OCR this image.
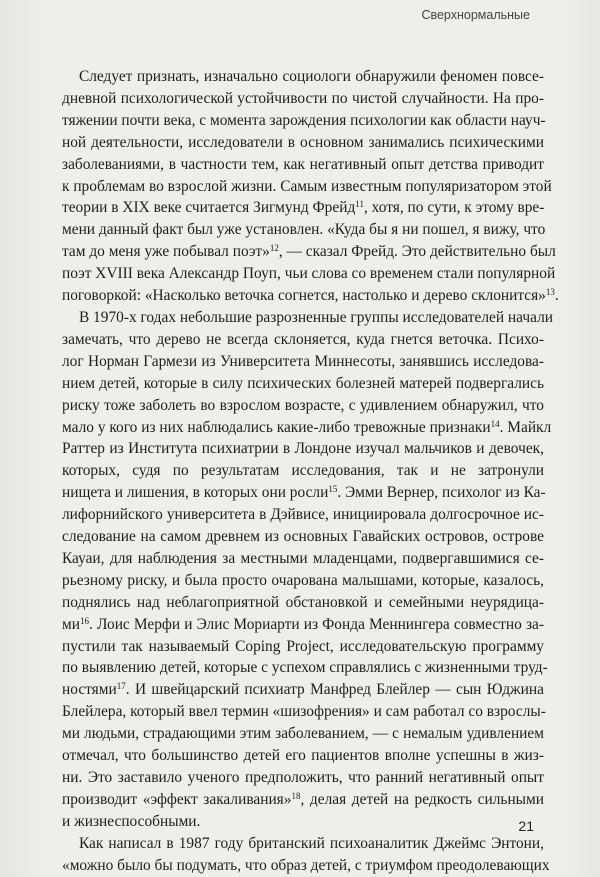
Сверхнормальные

Следует признать, изначально социологи обнаружили феномен повсе-
дневной психологической устойчивости по чистой случайности. На про-
тяжении почти века, с момента зарождения психологии как области науч-
ной деятельности, исследователи в основном занимались психическими
заболеваниями, в частности тем, как негативный опыт детства приводит
к проблемам во взрослой жизни. Самым известным популяризатором этой
теории в XIX веке считается Зигмунд Фрейд$^{11}$, хотя, по сути, к этому вре-
мени данный факт был уже установлен. «Куда бы я ни пошел, я вижу, что
там до меня уже побывал поэт»$^{12}$, — сказал Фрейд. Это действительно был
поэт XVIII века Александр Поуп, чьи слова со временем стали популярной
поговоркой: «Насколько веточка согнется, настолько и дерево склонится»$^{13}$.

В 1970-х годах небольшие разрозненные группы исследователей начали
замечать, что дерево не всегда склоняется, куда гнется веточка. Психо-
лог Норман Гармези из Университета Миннесоты, занявшись исследова-
нием детей, которые в силу психических болезней матерей подвергались
риску тоже заболеть во взрослом возрасте, с удивлением обнаружил, что
мало у кого из них наблюдались какие-либо тревожные признаки$^{14}$. Майкл
Раттер из Института психиатрии в Лондоне изучал мальчиков и девочек,
которых, судя по результатам исследования, так и не затронули
нищета и лишения, в которых они росли$^{15}$. Эмми Вернер, психолог из Ка-
лифорнийского университета в Дэйвисе, инициировала долгосрочное ис-
следование на самом древнем из основных Гавайских островов, острове
Кауаи, для наблюдения за местными младенцами, подвергавшимися се-
рьезному риску, и была просто очарована малышами, которые, казалось,
поднялись над неблагоприятной обстановкой и семейными неурядица-
$ми^{16}$. Лоис Мерфи и Элис Мориарти из Фонда Меннингера совместно за-
пустили так называемый Coping Project, исследовательскую программу
по выявлению детей, которые с успехом справлялись с жизненными труд-
ностями$^{17}$. И швейцарский психиатр Манфред Блейлер — сын Юджина
Блейлера, который ввел термин «шизофрения» и сам работал со взрослы-
ми людьми, страдающими этим заболеванием, — с немалым удивлением
отмечал, что большинство детей его пациентов вполне успешны в жиз-
ни. Это заставило ученого предположить, что ранний негативный опыт
производит «эффект закаливания»$^{18}$, делая детей на редкость сильными
и жизнеспособными.

Как написал в 1987 году британский психоаналитик Джеймс Энтони,
«можно было бы подумать, что образ детей, с триумфом преодолевающих

21
